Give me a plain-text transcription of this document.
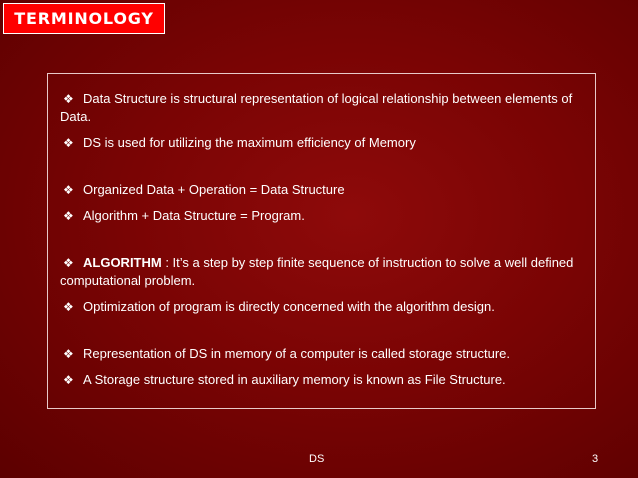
TERMINOLOGY

❖ Data Structure is structural representation of logical relationship between elements of Data.

❖ DS is used for utilizing the maximum efficiency of Memory

❖ Organized Data + Operation = Data Structure

❖ Algorithm + Data Structure = Program.

❖ ALGORITHM : It’s a step by step finite sequence of instruction to solve a well defined computational problem.

❖ Optimization of program is directly concerned with the algorithm design.

❖ Representation of DS in memory of a computer is called storage structure.

❖ A Storage structure stored in auxiliary memory is known as File Structure.

DS	3
